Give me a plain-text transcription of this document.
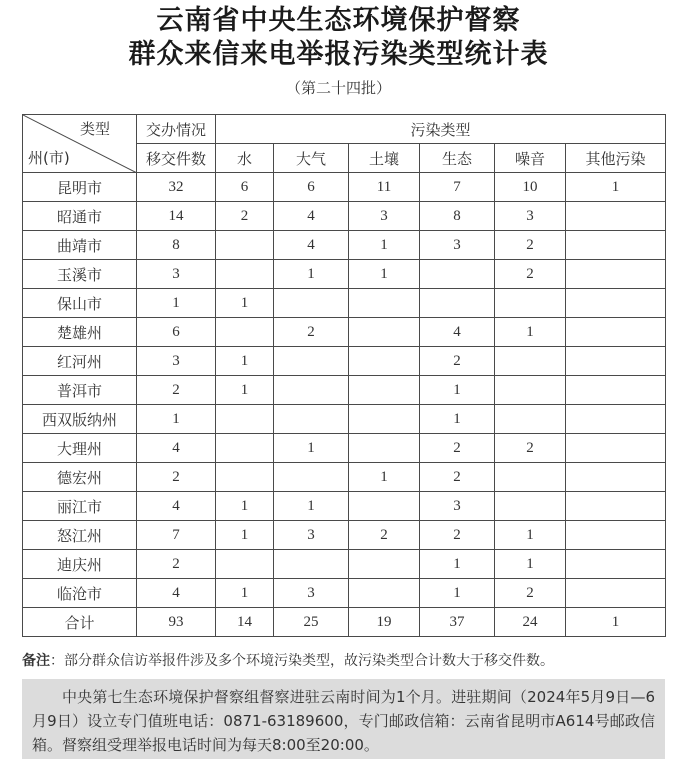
云南省中央生态环境保护督察
群众来信来电举报污染类型统计表
（第二十四批）
类型
州(市)	交办情况	污染类型					
	移交件数	水	大气	土壤	生态	噪音	其他污染
昆明市	32	6	6	11	7	10	1
昭通市	14	2	4	3	8	3	
曲靖市	8		4	1	3	2	
玉溪市	3		1	1		2	
保山市	1	1					
楚雄州	6		2		4	1	
红河州	3	1			2		
普洱市	2	1			1		
西双版纳州	1				1		
大理州	4		1		2	2	
德宏州	2			1	2		
丽江市	4	1	1		3		
怒江州	7	1	3	2	2	1	
迪庆州	2				1	1	
临沧市	4	1	3		1	2	
合计	93	14	25	19	37	24	1
备注：部分群众信访举报件涉及多个环境污染类型，故污染类型合计数大于移交件数。

中央第七生态环境保护督察组督察进驻云南时间为1个月。进驻期间（2024年5月9日—6月9日）设立专门值班电话：0871-63189600，专门邮政信箱：云南省昆明市A614号邮政信箱。督察组受理举报电话时间为每天8:00至20:00。
